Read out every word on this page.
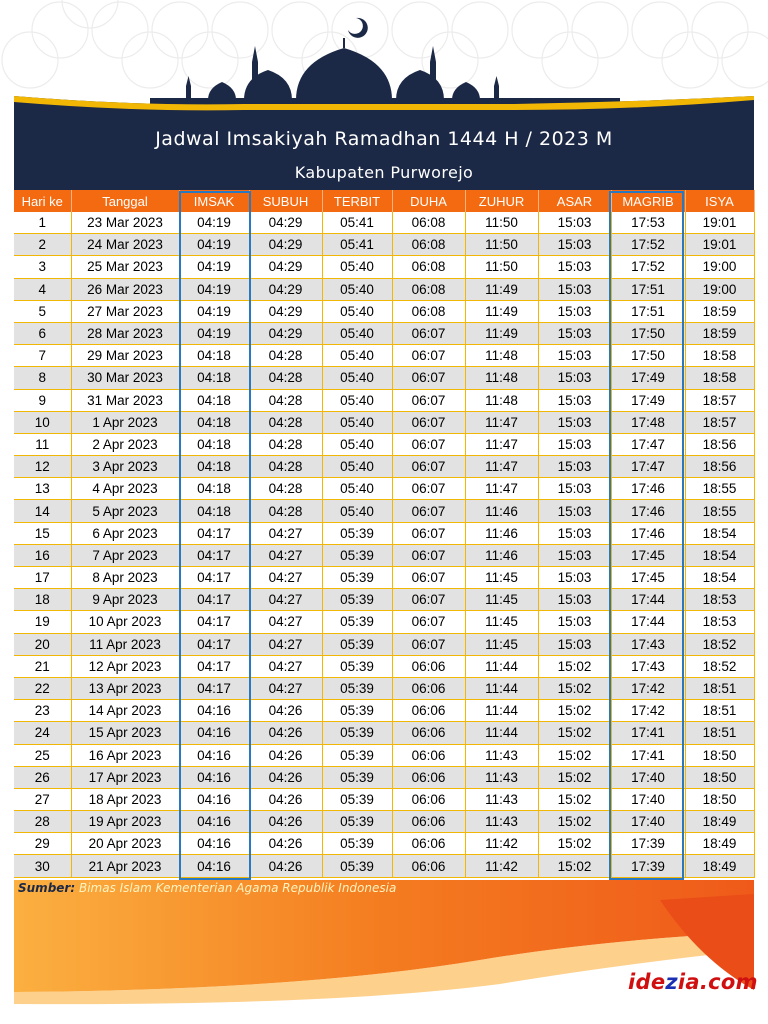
Jadwal Imsakiyah Ramadhan 1444 H / 2023 M
Kabupaten Purworejo
Hari ke	Tanggal	IMSAK	SUBUH	TERBIT	DUHA	ZUHUR	ASAR	MAGRIB	ISYA
1	23 Mar 2023	04:19	04:29	05:41	06:08	11:50	15:03	17:53	19:01
2	24 Mar 2023	04:19	04:29	05:41	06:08	11:50	15:03	17:52	19:01
3	25 Mar 2023	04:19	04:29	05:40	06:08	11:50	15:03	17:52	19:00
4	26 Mar 2023	04:19	04:29	05:40	06:08	11:49	15:03	17:51	19:00
5	27 Mar 2023	04:19	04:29	05:40	06:08	11:49	15:03	17:51	18:59
6	28 Mar 2023	04:19	04:29	05:40	06:07	11:49	15:03	17:50	18:59
7	29 Mar 2023	04:18	04:28	05:40	06:07	11:48	15:03	17:50	18:58
8	30 Mar 2023	04:18	04:28	05:40	06:07	11:48	15:03	17:49	18:58
9	31 Mar 2023	04:18	04:28	05:40	06:07	11:48	15:03	17:49	18:57
10	1 Apr 2023	04:18	04:28	05:40	06:07	11:47	15:03	17:48	18:57
11	2 Apr 2023	04:18	04:28	05:40	06:07	11:47	15:03	17:47	18:56
12	3 Apr 2023	04:18	04:28	05:40	06:07	11:47	15:03	17:47	18:56
13	4 Apr 2023	04:18	04:28	05:40	06:07	11:47	15:03	17:46	18:55
14	5 Apr 2023	04:18	04:28	05:40	06:07	11:46	15:03	17:46	18:55
15	6 Apr 2023	04:17	04:27	05:39	06:07	11:46	15:03	17:46	18:54
16	7 Apr 2023	04:17	04:27	05:39	06:07	11:46	15:03	17:45	18:54
17	8 Apr 2023	04:17	04:27	05:39	06:07	11:45	15:03	17:45	18:54
18	9 Apr 2023	04:17	04:27	05:39	06:07	11:45	15:03	17:44	18:53
19	10 Apr 2023	04:17	04:27	05:39	06:07	11:45	15:03	17:44	18:53
20	11 Apr 2023	04:17	04:27	05:39	06:07	11:45	15:03	17:43	18:52
21	12 Apr 2023	04:17	04:27	05:39	06:06	11:44	15:02	17:43	18:52
22	13 Apr 2023	04:17	04:27	05:39	06:06	11:44	15:02	17:42	18:51
23	14 Apr 2023	04:16	04:26	05:39	06:06	11:44	15:02	17:42	18:51
24	15 Apr 2023	04:16	04:26	05:39	06:06	11:44	15:02	17:41	18:51
25	16 Apr 2023	04:16	04:26	05:39	06:06	11:43	15:02	17:41	18:50
26	17 Apr 2023	04:16	04:26	05:39	06:06	11:43	15:02	17:40	18:50
27	18 Apr 2023	04:16	04:26	05:39	06:06	11:43	15:02	17:40	18:50
28	19 Apr 2023	04:16	04:26	05:39	06:06	11:43	15:02	17:40	18:49
29	20 Apr 2023	04:16	04:26	05:39	06:06	11:42	15:02	17:39	18:49
30	21 Apr 2023	04:16	04:26	05:39	06:06	11:42	15:02	17:39	18:49
Sumber: Bimas Islam Kementerian Agama Republik Indonesia
idezia.com
